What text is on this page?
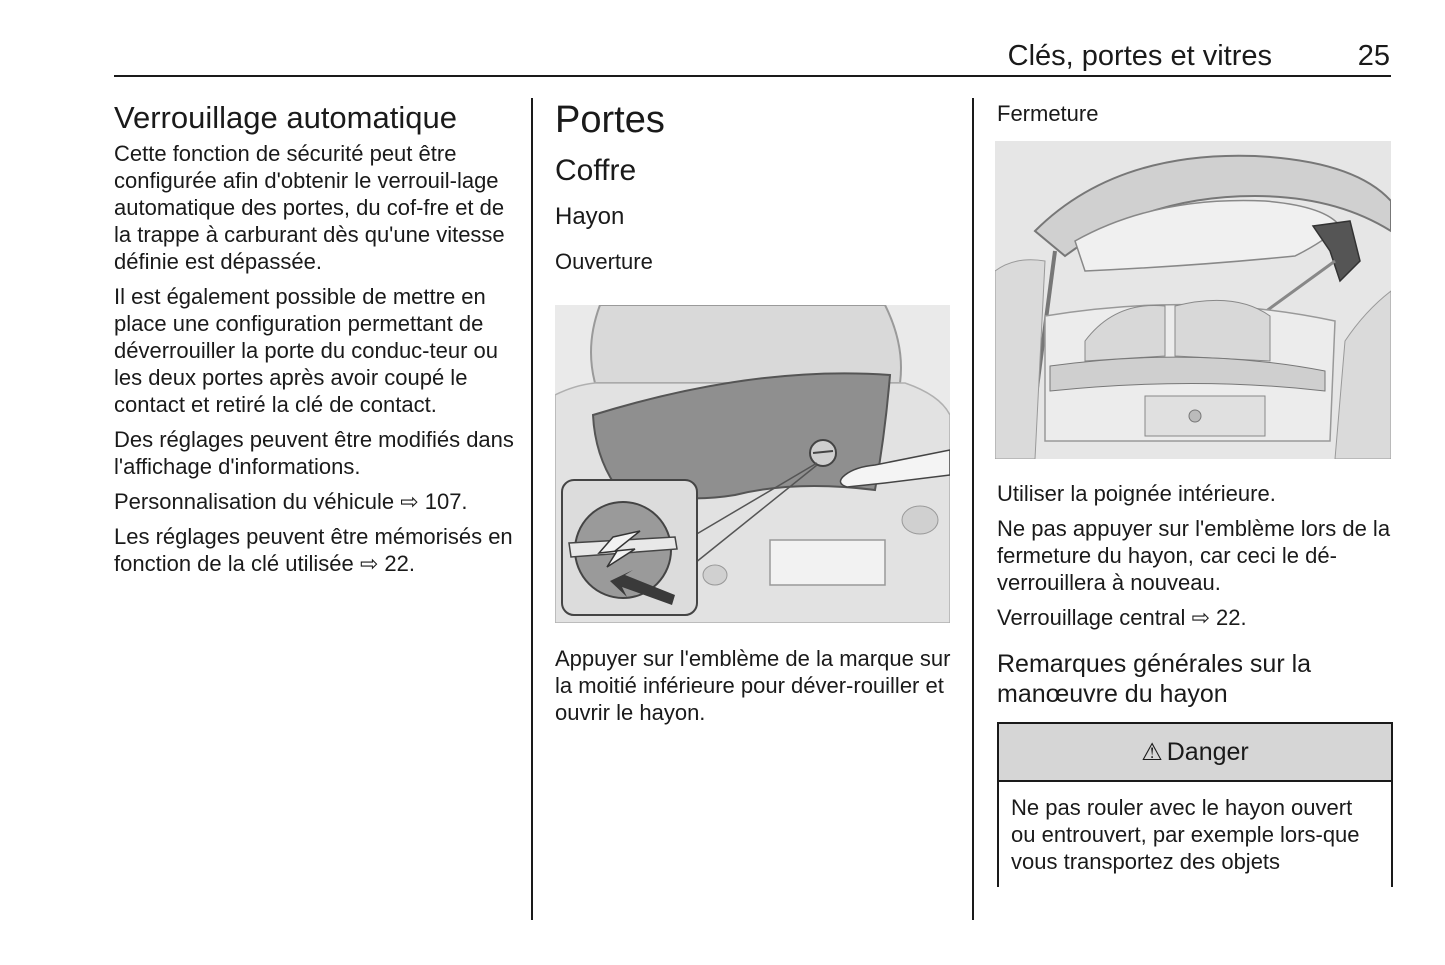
Clés, portes et vitres	25
Verrouillage automatique

Cette fonction de sécurité peut être configurée afin d'obtenir le verrouil-lage automatique des portes, du cof-fre et de la trappe à carburant dès qu'une vitesse définie est dépassée.

Il est également possible de mettre en place une configuration permettant de déverrouiller la porte du conduc-teur ou les deux portes après avoir coupé le contact et retiré la clé de contact.

Des réglages peuvent être modifiés dans l'affichage d'informations.

Personnalisation du véhicule ⇨ 107.

Les réglages peuvent être mémorisés en fonction de la clé utilisée ⇨ 22.

Portes
Coffre
Hayon
Ouverture

Appuyer sur l'emblème de la marque sur la moitié inférieure pour déver-rouiller et ouvrir le hayon.

Fermeture

Utiliser la poignée intérieure.

Ne pas appuyer sur l'emblème lors de la fermeture du hayon, car ceci le dé-verrouillera à nouveau.

Verrouillage central ⇨ 22.

Remarques générales sur la manœuvre du hayon
⚠ Danger
Ne pas rouler avec le hayon ouvert ou entrouvert, par exemple lors-que vous transportez des objets
